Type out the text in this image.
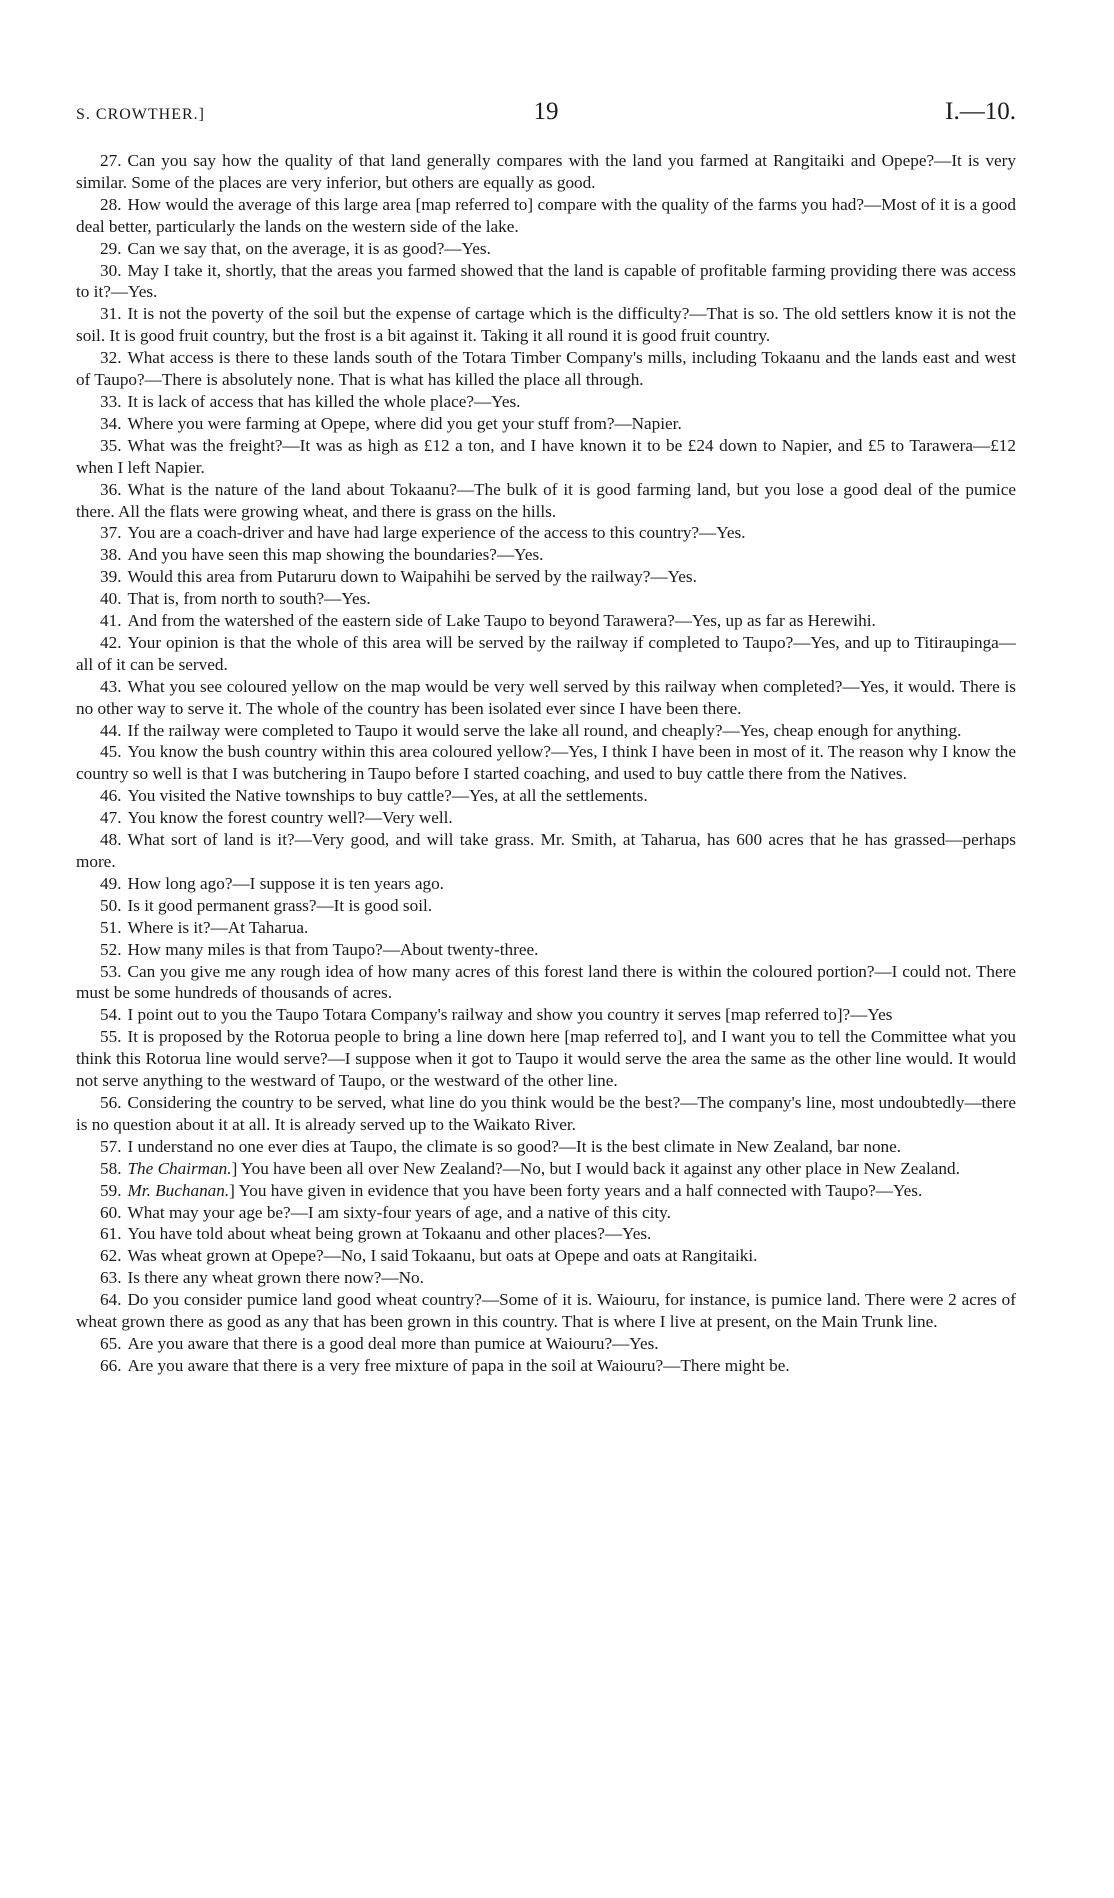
S. CROWTHER.]	19	I.—10.

27. Can you say how the quality of that land generally compares with the land you farmed at Rangitaiki and Opepe?—It is very similar. Some of the places are very inferior, but others are equally as good.

28. How would the average of this large area [map referred to] compare with the quality of the farms you had?—Most of it is a good deal better, particularly the lands on the western side of the lake.

29. Can we say that, on the average, it is as good?—Yes.

30. May I take it, shortly, that the areas you farmed showed that the land is capable of profitable farming providing there was access to it?—Yes.

31. It is not the poverty of the soil but the expense of cartage which is the difficulty?—That is so. The old settlers know it is not the soil. It is good fruit country, but the frost is a bit against it. Taking it all round it is good fruit country.

32. What access is there to these lands south of the Totara Timber Company's mills, including Tokaanu and the lands east and west of Taupo?—There is absolutely none. That is what has killed the place all through.

33. It is lack of access that has killed the whole place?—Yes.

34. Where you were farming at Opepe, where did you get your stuff from?—Napier.

35. What was the freight?—It was as high as £12 a ton, and I have known it to be £24 down to Napier, and £5 to Tarawera—£12 when I left Napier.

36. What is the nature of the land about Tokaanu?—The bulk of it is good farming land, but you lose a good deal of the pumice there. All the flats were growing wheat, and there is grass on the hills.

37. You are a coach-driver and have had large experience of the access to this country?—Yes.

38. And you have seen this map showing the boundaries?—Yes.

39. Would this area from Putaruru down to Waipahihi be served by the railway?—Yes.

40. That is, from north to south?—Yes.

41. And from the watershed of the eastern side of Lake Taupo to beyond Tarawera?—Yes, up as far as Herewihi.

42. Your opinion is that the whole of this area will be served by the railway if completed to Taupo?—Yes, and up to Titiraupinga—all of it can be served.

43. What you see coloured yellow on the map would be very well served by this railway when completed?—Yes, it would. There is no other way to serve it. The whole of the country has been isolated ever since I have been there.

44. If the railway were completed to Taupo it would serve the lake all round, and cheaply?—Yes, cheap enough for anything.

45. You know the bush country within this area coloured yellow?—Yes, I think I have been in most of it. The reason why I know the country so well is that I was butchering in Taupo before I started coaching, and used to buy cattle there from the Natives.

46. You visited the Native townships to buy cattle?—Yes, at all the settlements.

47. You know the forest country well?—Very well.

48. What sort of land is it?—Very good, and will take grass. Mr. Smith, at Taharua, has 600 acres that he has grassed—perhaps more.

49. How long ago?—I suppose it is ten years ago.

50. Is it good permanent grass?—It is good soil.

51. Where is it?—At Taharua.

52. How many miles is that from Taupo?—About twenty-three.

53. Can you give me any rough idea of how many acres of this forest land there is within the coloured portion?—I could not. There must be some hundreds of thousands of acres.

54. I point out to you the Taupo Totara Company's railway and show you country it serves [map referred to]?—Yes

55. It is proposed by the Rotorua people to bring a line down here [map referred to], and I want you to tell the Committee what you think this Rotorua line would serve?—I suppose when it got to Taupo it would serve the area the same as the other line would. It would not serve anything to the westward of Taupo, or the westward of the other line.

56. Considering the country to be served, what line do you think would be the best?—The company's line, most undoubtedly—there is no question about it at all. It is already served up to the Waikato River.

57. I understand no one ever dies at Taupo, the climate is so good?—It is the best climate in New Zealand, bar none.

58. The Chairman.] You have been all over New Zealand?—No, but I would back it against any other place in New Zealand.

59. Mr. Buchanan.] You have given in evidence that you have been forty years and a half connected with Taupo?—Yes.

60. What may your age be?—I am sixty-four years of age, and a native of this city.

61. You have told about wheat being grown at Tokaanu and other places?—Yes.

62. Was wheat grown at Opepe?—No, I said Tokaanu, but oats at Opepe and oats at Rangitaiki.

63. Is there any wheat grown there now?—No.

64. Do you consider pumice land good wheat country?—Some of it is. Waiouru, for instance, is pumice land. There were 2 acres of wheat grown there as good as any that has been grown in this country. That is where I live at present, on the Main Trunk line.

65. Are you aware that there is a good deal more than pumice at Waiouru?—Yes.

66. Are you aware that there is a very free mixture of papa in the soil at Waiouru?—There might be.
